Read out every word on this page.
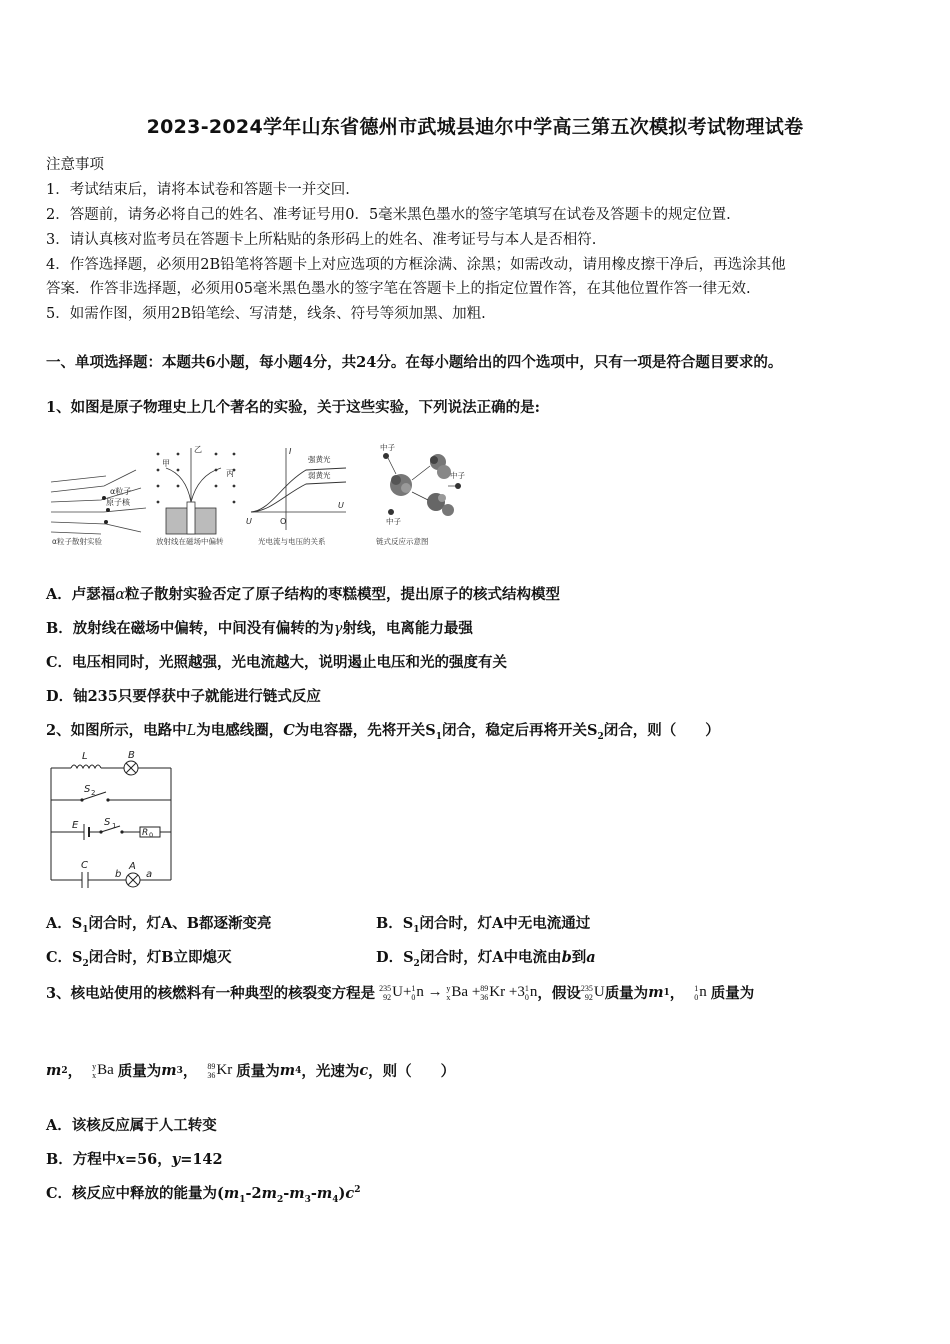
2023-2024学年山东省德州市武城县迪尔中学高三第五次模拟考试物理试卷
注意事项
1．考试结束后，请将本试卷和答题卡一并交回.
2．答题前，请务必将自己的姓名、准考证号用0．5毫米黑色墨水的签字笔填写在试卷及答题卡的规定位置.
3．请认真核对监考员在答题卡上所粘贴的条形码上的姓名、准考证号与本人是否相符.
4．作答选择题，必须用2B铅笔将答题卡上对应选项的方框涂满、涂黑；如需改动，请用橡皮擦干净后，再选涂其他
答案．作答非选择题，必须用05毫米黑色墨水的签字笔在答题卡上的指定位置作答，在其他位置作答一律无效.
5．如需作图，须用2B铅笔绘、写清楚，线条、符号等须加黑、加粗.
一、单项选择题：本题共6小题，每小题4分，共24分。在每小题给出的四个选项中，只有一项是符合题目要求的。
1、如图是原子物理史上几个著名的实验，关于这些实验，下列说法正确的是:
α粒子
原子核
α粒子散射实验
甲
乙
丙
放射线在磁场中偏转
I
U
U	O
强黄光
弱黄光
光电流与电压的关系
中子
中子
中子
链式反应示意图
A．卢瑟福α粒子散射实验否定了原子结构的枣糕模型，提出原子的核式结构模型
B．放射线在磁场中偏转，中间没有偏转的为γ射线，电离能力最强
C．电压相同时，光照越强，光电流越大，说明遏止电压和光的强度有关
D．铀235只要俘获中子就能进行链式反应
2、如图所示，电路中L为电感线圈，C为电容器，先将开关$S_1$闭合，稳定后再将开关$S_2$闭合，则（　　）
L	B
S 2
E	S 1
R 0
C
b
A
a
A．$S_1$闭合时，灯A、B都逐渐变亮	B．$S_1$闭合时，灯A中无电流通过
C．$S_2$闭合时，灯B立即熄灭	D．$S_2$闭合时，灯A中电流由b到a
3、核电站使用的核燃料有一种典型的核裂变方程是 235
92 U + 1
0 n
→
y
x Ba
+ 89
36 Kr
+3 1
0 n ，假设 235
92 U 质量为 m 1 ， 1
0 n 质量为
m 2 ， y
x Ba 质量为 m 3 ， 89
36 Kr 质量为 m 4 ，光速为 c ，则（　　）
A．该核反应属于人工转变
B．方程中x=56，y=142
C．核反应中释放的能量为$(m_1-2m_2-m_3-m_4)c^2$
